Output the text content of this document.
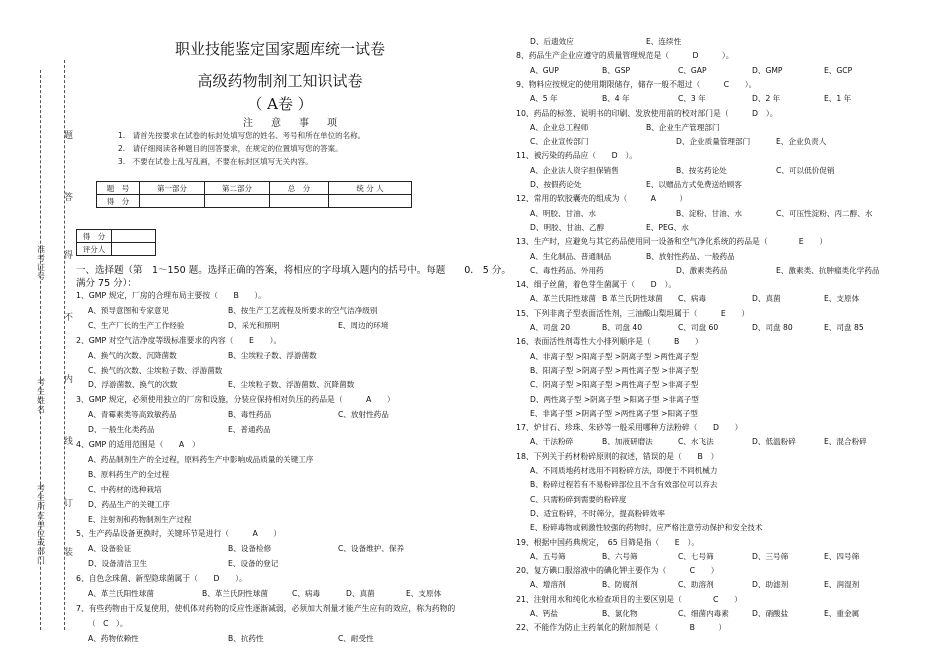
题
答
得
不
内
线
订
装
准考证号
考生姓名
考生所在单位或部门
职业技能鉴定国家题库统一试卷
高级药物制剂工知识试卷
（ A卷 ）
注意事项
1.　请首先按要求在试卷的标封处填写您的姓名、考号和所在单位的名称。
2.　请仔细阅读各种题目的回答要求，在规定的位置填写您的答案。
3.　不要在试卷上乱写乱画，不要在标封区填写无关内容。
题　号	第一部分	第二部分	总　分	统 分 人
得　分				
得　分	
评分人	
一、选择题（第　1～150 题。选择正确的答案，将相应的字母填入题内的括号中。每题　　0.　5 分。
满分 75 分）：
1、GMP 规定，厂房的合理布局主要按（　　B　　）。
A、预导意图和专家意见	B、按生产工艺流程及所要求的空气洁净级别
C、生产厂长的生产工作经验	D、采光和照明	E、周边的环境
2、GMP 对空气洁净度等级标准要求的内容（　　E　　）。
A、换气的次数、沉降菌数	B、尘埃粒子数、浮游菌数
C、换气的次数、尘埃粒子数、浮游菌数
D、浮游菌数、换气的次数	E、尘埃粒子数、浮游菌数、沉降菌数
3、GMP 规定，必须使用独立的厂房和设施，分装应保持相对负压的药品是（　　　A　　）
A、青霉素类等高致敏药品	B、毒性药品	C、放射性药品
D、一般生化类药品	E、普通药品
4、GMP 的适用范围是（　　A　）
A、药品制剂生产的全过程，原料药生产中影响成品质量的关键工序
B、原料药生产的全过程
C、中药材的选种栽培
D、药品生产的关键工序
E、注射剂和药物制剂生产过程
5、生产药品设备更换时，关键环节是进行（　　　A　　）
A、设备验证	B、设备检修	C、设备维护、保养
D、设备清洁卫生	E、设备的登记
6、自色念珠菌、新型隐球菌属于（　　D　　）。
A、革兰氏阳性球菌	B、革兰氏阴性球菌	C、病毒	D、真菌	E、支原体
7、有些药物由于反复使用，使机体对药物的反应性逐渐减弱，必须加大剂量才能产生应有的效应，称为药物的
（　C　）。
A、药物依赖性	B、抗药性	C、耐受性
D、后遗效应	E、连续性
8、药品生产企业应遵守的质量管理规范是（　　　D　　　）。
A、GUP	B、GSP	C、GAP	D、GMP	E、GCP
9、物料应按规定的使用期限储存，储存一般不超过（　　　C　　）。
A、5 年	B、4 年	C、3 年	D、2 年	E、1 年
10、药品的标签、说明书的印刷、发放使用前的校对部门是（　　　D　）。
A、企业总工程师	B、企业生产管理部门
C、企业宣传部门	D、企业质量管理部门	E、企业负责人
11、被污染的药品应（　　D　）。
A、企业法人资字担保销售	B、按劣药论处	C、可以低价促销
D、按假药论处	E、以赠品方式免费送给顾客
12、常用的软胶囊壳的组成为（　　　A　　　）
A、明胶、甘油、水	B、淀粉、甘油、水	C、可压性淀粉、丙二醇、水
D、明胶、甘油、乙醇	E、PEG、水
13、生产时，应避免与其它药品使用同一设备和空气净化系统的药品是（　　　　E　　）
A、生化制品、普通制品	B、放射性药品、一般药品
C、毒性药品、外用药	D、激素类药品	E、激素类、抗肿瘤类化学药品
14、细子丝菌，着色芽生菌属于（　　D　）。
A、革兰氏阳性球菌 B 革兰氏阴性球菌 C、病毒	D、真菌	E、支原体
15、下列非离子型表面活性剂，三油酸山梨坦属于（　　　E　　）
A、司盘 20	B、司盘 40	C、司盘 60	D、司盘 80	E、司盘 85
16、表面活性剂毒性大小排列顺序是（　　　B　　）
A、非离子型 >阳离子型 >阴离子型 >两性离子型
B、阳离子型 >阴离子型 >两性离子型 >非离子型
C、阴离子型 >阳离子型 >两性离子型 >非离子型
D、两性离子型 >阴离子型 >阳离子型 >非离子型
E、非离子型 >阴离子型 >两性离子型 >阳离子型
17、炉甘石、珍珠、朱砂等一般采用哪种方法粉碎（　　D　　）
A、干法粉碎	B、加液研磨法	C、水飞法	D、低温粉碎	E、混合粉碎
18、下列关于药材粉碎原则的叙述，错误的是（　　B　）
A、不同质地药材选用不同粉碎方法，即便于不同机械力
B、粉碎过程若有不易粉碎部位且不含有效部位可以弃去
C、只需粉碎到需要的粉碎度
D、适宜粉碎，不时筛分，提高粉碎效率
E、粉碎毒物或刺激性较强的药物时，应严格注意劳动保护和安全技术
19、根据中国药典规定，　65 目筛是指（　　E　）。
A、五号筛	B、六号筛	C、七号筛	D、三号筛	E、四号筛
20、复方碘口服溶液中的碘化钾主要作为（　　　C　　）
A、增溶剂	B、防腐剂	C、助溶剂	D、助滤剂	E、润湿剂
21、注射用水和纯化水检查项目的主要区别是（　　　　C　　）
A、钙盐	B、氯化物	C、细菌内毒素	D、硝酸盐	E、重金属
22、不能作为防止主药氧化的附加剂是（　　　　B　　　）
